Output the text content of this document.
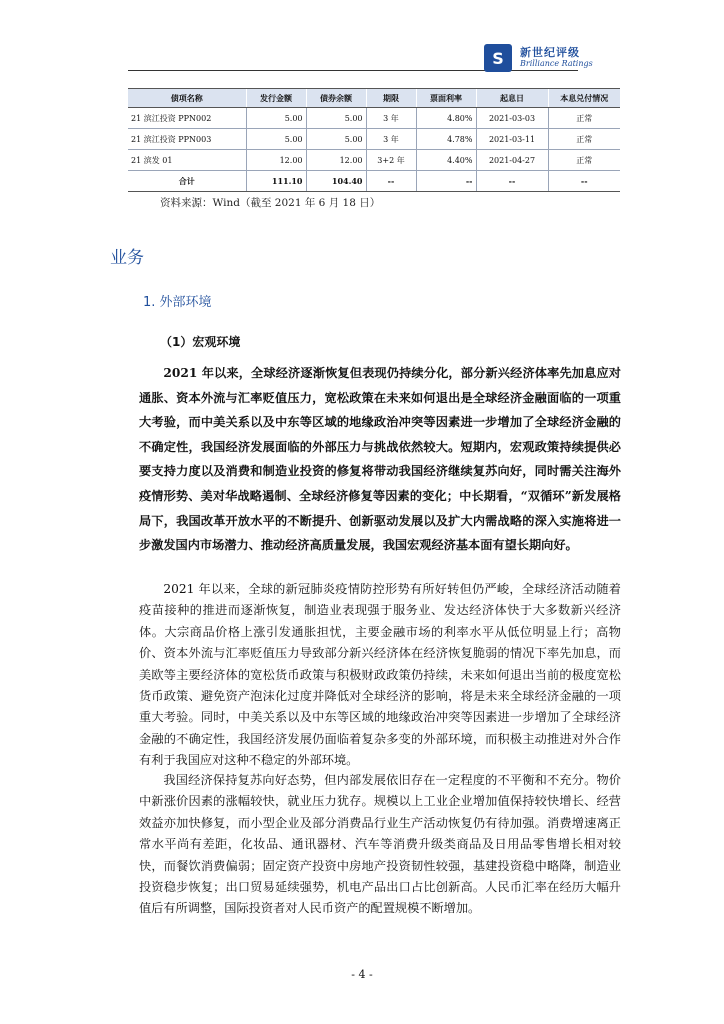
S	新世纪评级
Brilliance Ratings
债项名称	发行金额	债券余额	期限	票面利率	起息日	本息兑付情况
21 滨江投资 PPN002	5.00	5.00	3 年	4.80%	2021-03-03	正常
21 滨江投资 PPN003	5.00	5.00	3 年	4.78%	2021-03-11	正常
21 滨发 01	12.00	12.00	3+2 年	4.40%	2021-04-27	正常
合计	111.10	104.40	--	--	--	--
资料来源：Wind（截至 2021 年 6 月 18 日）
业务
1. 外部环境
（1）宏观环境

2021 年以来，全球经济逐渐恢复但表现仍持续分化，部分新兴经济体率先加息应对通胀、资本外流与汇率贬值压力，宽松政策在未来如何退出是全球经济金融面临的一项重大考验，而中美关系以及中东等区域的地缘政治冲突等因素进一步增加了全球经济金融的不确定性，我国经济发展面临的外部压力与挑战依然较大。短期内，宏观政策持续提供必要支持力度以及消费和制造业投资的修复将带动我国经济继续复苏向好，同时需关注海外疫情形势、美对华战略遏制、全球经济修复等因素的变化；中长期看，“双循环”新发展格局下，我国改革开放水平的不断提升、创新驱动发展以及扩大内需战略的深入实施将进一步激发国内市场潜力、推动经济高质量发展，我国宏观经济基本面有望长期向好。

2021 年以来，全球的新冠肺炎疫情防控形势有所好转但仍严峻，全球经济活动随着疫苗接种的推进而逐渐恢复，制造业表现强于服务业、发达经济体快于大多数新兴经济体。大宗商品价格上涨引发通胀担忧，主要金融市场的利率水平从低位明显上行；高物价、资本外流与汇率贬值压力导致部分新兴经济体在经济恢复脆弱的情况下率先加息，而美欧等主要经济体的宽松货币政策与积极财政政策仍持续，未来如何退出当前的极度宽松货币政策、避免资产泡沫化过度并降低对全球经济的影响，将是未来全球经济金融的一项重大考验。同时，中美关系以及中东等区域的地缘政治冲突等因素进一步增加了全球经济金融的不确定性，我国经济发展仍面临着复杂多变的外部环境，而积极主动推进对外合作有利于我国应对这种不稳定的外部环境。

我国经济保持复苏向好态势，但内部发展依旧存在一定程度的不平衡和不充分。物价中新涨价因素的涨幅较快，就业压力犹存。规模以上工业企业增加值保持较快增长、经营效益亦加快修复，而小型企业及部分消费品行业生产活动恢复仍有待加强。消费增速离正常水平尚有差距，化妆品、通讯器材、汽车等消费升级类商品及日用品零售增长相对较快，而餐饮消费偏弱；固定资产投资中房地产投资韧性较强，基建投资稳中略降，制造业投资稳步恢复；出口贸易延续强势，机电产品出口占比创新高。人民币汇率在经历大幅升值后有所调整，国际投资者对人民币资产的配置规模不断增加。

- 4 -
